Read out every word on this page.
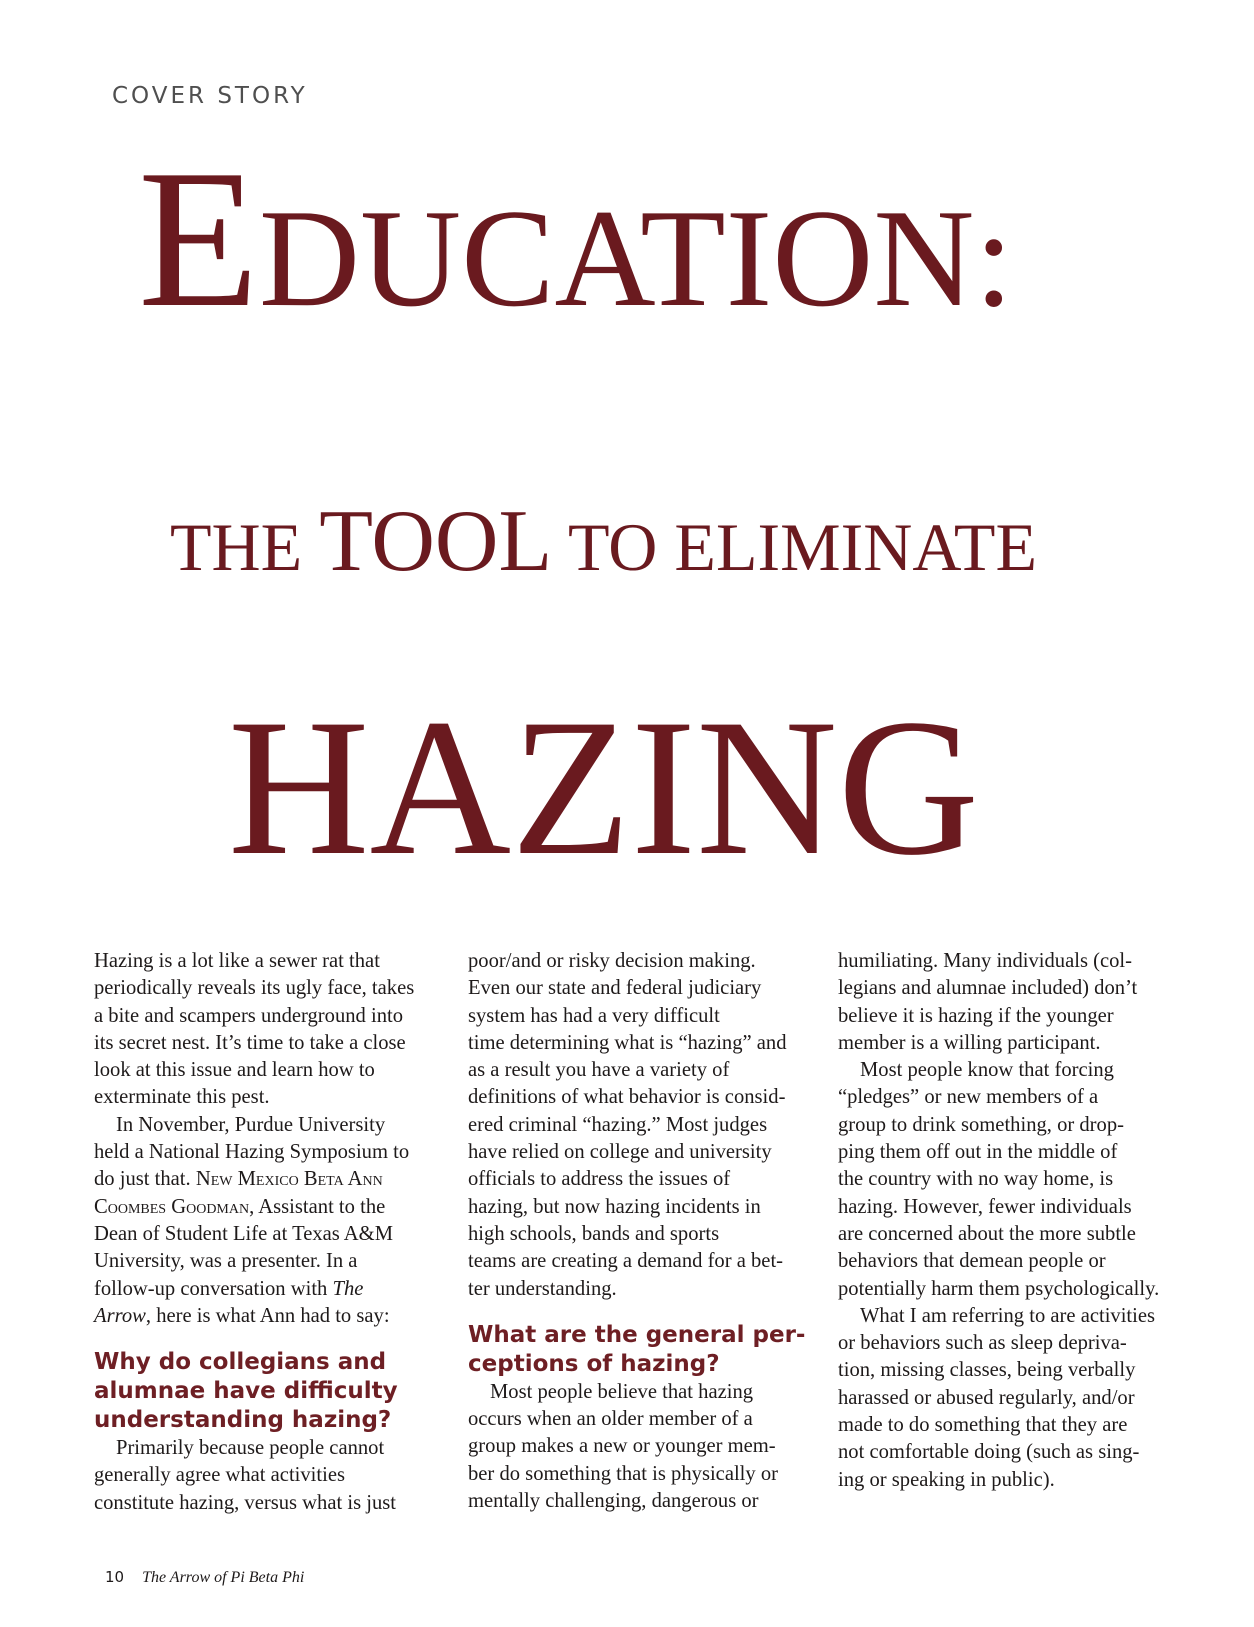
COVER STORY
EDUCATION:
THE TOOL TO ELIMINATE
HAZING
Hazing is a lot like a sewer rat that
periodically reveals its ugly face, takes
a bite and scampers underground into
its secret nest. It’s time to take a close
look at this issue and learn how to
exterminate this pest.
In November, Purdue University
held a National Hazing Symposium to
do just that. New Mexico Beta Ann
Coombes Goodman, Assistant to the
Dean of Student Life at Texas A&M
University, was a presenter. In a
follow-up conversation with The
Arrow, here is what Ann had to say:
Why do collegians and
alumnae have difficulty
understanding hazing?
Primarily because people cannot
generally agree what activities
constitute hazing, versus what is just
poor/and or risky decision making.
Even our state and federal judiciary
system has had a very difficult
time determining what is “hazing” and
as a result you have a variety of
definitions of what behavior is consid-
ered criminal “hazing.” Most judges
have relied on college and university
officials to address the issues of
hazing, but now hazing incidents in
high schools, bands and sports
teams are creating a demand for a bet-
ter understanding.
What are the general per-
ceptions of hazing?
Most people believe that hazing
occurs when an older member of a
group makes a new or younger mem-
ber do something that is physically or
mentally challenging, dangerous or
humiliating. Many individuals (col-
legians and alumnae included) don’t
believe it is hazing if the younger
member is a willing participant.
Most people know that forcing
“pledges” or new members of a
group to drink something, or drop-
ping them off out in the middle of
the country with no way home, is
hazing. However, fewer individuals
are concerned about the more subtle
behaviors that demean people or
potentially harm them psychologically.
What I am referring to are activities
or behaviors such as sleep depriva-
tion, missing classes, being verbally
harassed or abused regularly, and/or
made to do something that they are
not comfortable doing (such as sing-
ing or speaking in public).
10 The Arrow of Pi Beta Phi
